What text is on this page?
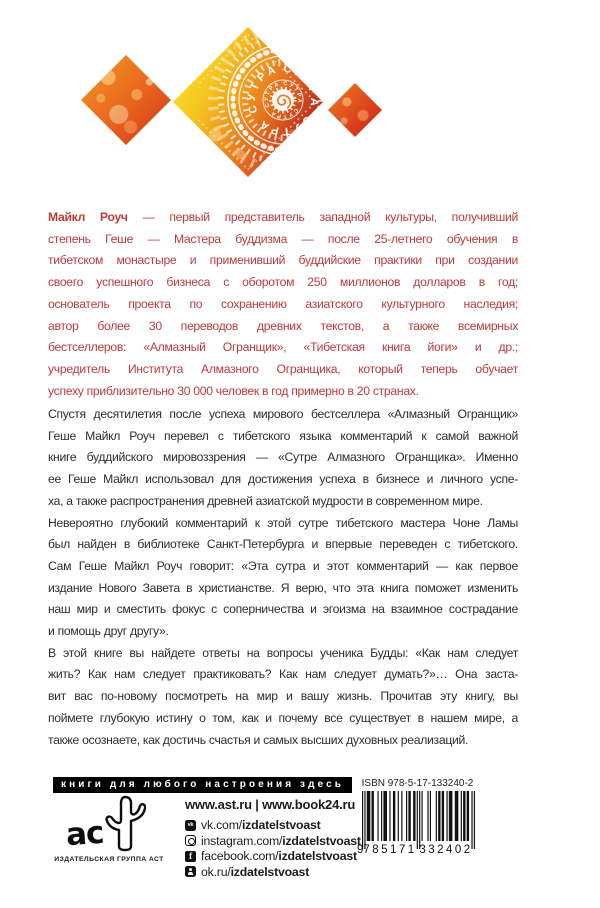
СУТРА СУТРА СУТРА
СУТРА СУТРА СУТРА
Майкл Роуч — первый представитель западной культуры, получивший
степень Геше — Мастера буддизма — после 25-летнего обучения в
тибетском монастыре и применивший буддийские практики при создании
своего успешного бизнеса с оборотом 250 миллионов долларов в год;
основатель проекта по сохранению азиатского культурного наследия;
автор более 30 переводов древних текстов, а также всемирных
бестселлеров: «Алмазный Огранщик», «Тибетская книга йоги» и др.;
учредитель Института Алмазного Огранщика, который теперь обучает
успеху приблизительно 30 000 человек в год примерно в 20 странах.
Спустя десятилетия после успеха мирового бестселлера «Алмазный Огранщик»
Геше Майкл Роуч перевел с тибетского языка комментарий к самой важной
книге буддийского мировоззрения — «Сутре Алмазного Огранщика». Именно
ее Геше Майкл использовал для достижения успеха в бизнесе и личного успе-
ха, а также распространения древней азиатской мудрости в современном мире.
Невероятно глубокий комментарий к этой сутре тибетского мастера Чоне Ламы
был найден в библиотеке Санкт-Петербурга и впервые переведен с тибетского.
Сам Геше Майкл Роуч говорит: «Эта сутра и этот комментарий — как первое
издание Нового Завета в христианстве. Я верю, что эта книга поможет изменить
наш мир и сместить фокус с соперничества и эгоизма на взаимное сострадание
и помощь друг другу».
В этой книге вы найдете ответы на вопросы ученика Будды: «Как нам следует
жить? Как нам следует практиковать? Как нам следует думать?»… Она заста-
вит вас по-новому посмотреть на мир и вашу жизнь. Прочитав эту книгу, вы
поймете глубокую истину о том, как и почему все существует в нашем мире, а
также осознаете, как достичь счастья и самых высших духовных реализаций.
книги для любого настроения здесь
ас
ИЗДАТЕЛЬСКАЯ ГРУППА АСТ
www.ast.ru | www.book24.ru
vk vk.com/izdatelstvoast
instagram.com/izdatelstvoast
f facebook.com/izdatelstvoast
ok.ru/izdatelstvoast
ISBN 978-5-17-133240-2
9
785171 332402
